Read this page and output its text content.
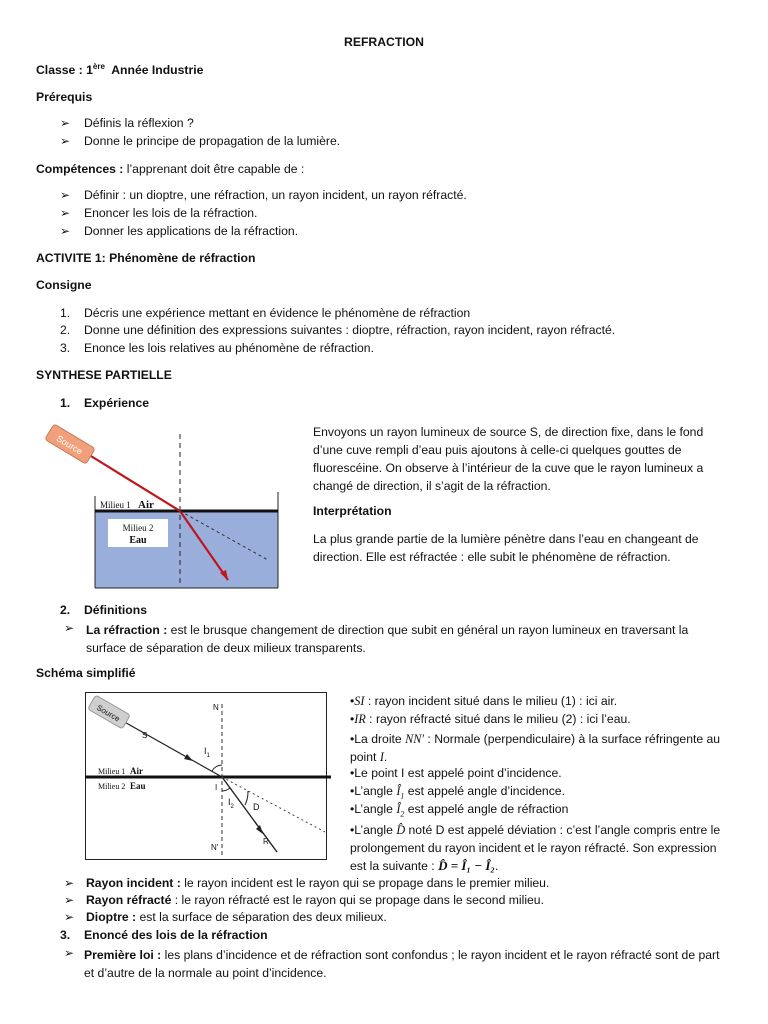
REFRACTION
Classe : 1ère  Année Industrie
Prérequis
➢ Définis la réflexion ?
➢ Donne le principe de propagation de la lumière.
Compétences : l’apprenant doit être capable de :
➢ Définir : un dioptre, une réfraction, un rayon incident, un rayon réfracté.
➢ Enoncer les lois de la réfraction.
➢ Donner les applications de la réfraction.
ACTIVITE 1: Phénomène de réfraction
Consigne
1. Décris une expérience mettant en évidence le phénomène de réfraction
2. Donne une définition des expressions suivantes : dioptre, réfraction, rayon incident, rayon réfracté.
3. Enonce les lois relatives au phénomène de réfraction.
SYNTHESE PARTIELLE
1. Expérience
Source
Milieu 1 Air
Milieu 2
Eau
Envoyons un rayon lumineux de source S, de direction fixe, dans le fond d’une cuve rempli d’eau puis ajoutons à celle-ci quelques gouttes de fluorescéine. On observe à l’intérieur de la cuve que le rayon lumineux a changé de direction, il s’agit de la réfraction.
Interprétation
La plus grande partie de la lumière pénètre dans l’eau en changeant de direction. Elle est réfractée : elle subit le phénomène de réfraction.
2. Définitions
➢ La réfraction : est le brusque changement de direction que subit en général un rayon lumineux en traversant la surface de séparation de deux milieux transparents.
Schéma simplifié
Source
S
N
$I_1$
I
$I_2$ D
N'
R
Milieu 1 Air
Milieu 2 Eau
•SI : rayon incident situé dans le milieu (1) : ici air.
•IR : rayon réfracté situé dans le milieu (2) : ici l’eau.
•La droite NN′ : Normale (perpendiculaire) à la surface réfringente au point I.
•Le point I est appelé point d’incidence.
•L’angle $Î_1$ est appelé angle d’incidence.
•L’angle $Î_2$ est appelé angle de réfraction
•L’angle D̂ noté D est appelé déviation : c’est l’angle compris entre le prolongement du rayon incident et le rayon réfracté. Son expression est la suivante : D̂ = Î₁ − Î₂.
➢ Rayon incident : le rayon incident est le rayon qui se propage dans le premier milieu.
➢ Rayon réfracté : le rayon réfracté est le rayon qui se propage dans le second milieu.
➢ Dioptre : est la surface de séparation des deux milieux.
3. Enoncé des lois de la réfraction
➢ Première loi : les plans d’incidence et de réfraction sont confondus ; le rayon incident et le rayon réfracté sont de part et d’autre de la normale au point d’incidence.
